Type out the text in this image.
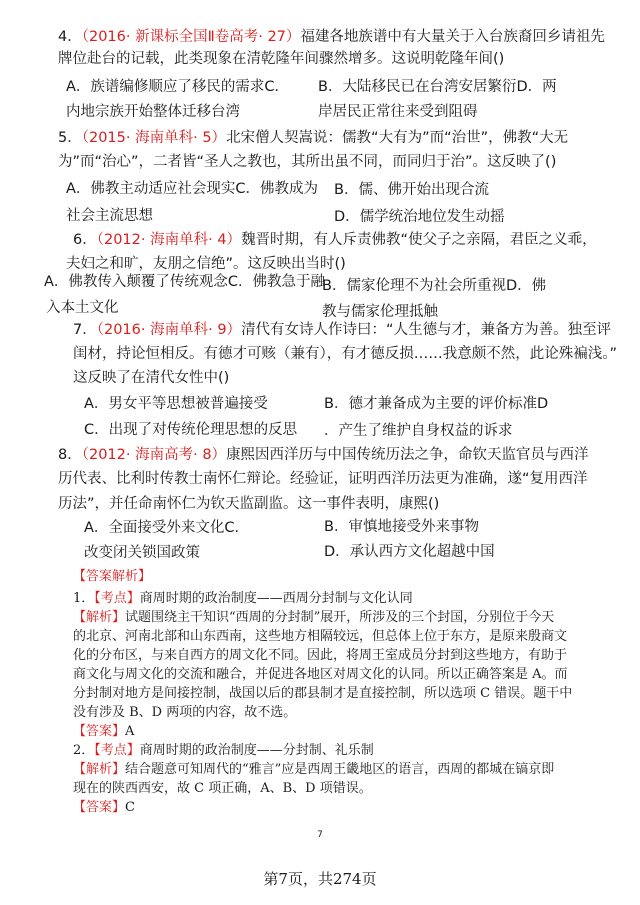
4．（2016· 新课标全国Ⅱ卷高考· 27）福建各地族谱中有大量关于入台族裔回乡请祖先
牌位赴台的记载，此类现象在清乾隆年间骤然增多。这说明乾隆年间()
A．族谱编修顺应了移民的需求C． B．大陆移民已在台湾安居繁衍D．两
内地宗族开始整体迁移台湾	岸居民正常往来受到阻碍
5．（2015· 海南单科· 5）北宋僧人契嵩说：儒教“大有为”而“治世”，佛教“大无
为”而“治心”，二者皆“圣人之教也，其所出虽不同，而同归于治”。这反映了()
A．佛教主动适应社会现实C．佛教成为 B．儒、佛开始出现合流
社会主流思想	D．儒学统治地位发生动摇
6．（2012· 海南单科· 4）魏晋时期，有人斥责佛教“使父子之亲隔，君臣之义乖，
夫妇之和旷，友朋之信绝”。这反映出当时()
A．佛教传入颠覆了传统观念C．佛教急于融
B．儒家伦理不为社会所重视D．佛
入本土文化	教与儒家伦理抵触
7．（2016· 海南单科· 9）清代有女诗人作诗曰：“人生德与才，兼备方为善。独至评
闺材，持论恒相反。有德才可赅（兼有），有才德反损……我意颇不然，此论殊褊浅。”
这反映了在清代女性中()
A．男女平等思想被普遍接受	B．德才兼备成为主要的评价标准D
C．出现了对传统伦理思想的反思 ．产生了维护自身权益的诉求
8．（2012· 海南高考· 8）康熙因西洋历与中国传统历法之争，命钦天监官员与西洋
历代表、比利时传教士南怀仁辩论。经验证，证明西洋历法更为准确，遂“复用西洋
历法”，并任命南怀仁为钦天监副监。这一事件表明，康熙()
A．全面接受外来文化C．	B．审慎地接受外来事物
改变闭关锁国政策	D．承认西方文化超越中国
【答案解析】
1．【考点】商周时期的政治制度——西周分封制与文化认同
【解析】试题围绕主干知识“西周的分封制”展开，所涉及的三个封国，分别位于今天
的北京、河南北部和山东西南，这些地方相隔较远，但总体上位于东方，是原来殷商文
化的分布区，与来自西方的周文化不同。因此，将周王室成员分封到这些地方，有助于
商文化与周文化的交流和融合，并促进各地区对周文化的认同。所以正确答案是 A。而
分封制对地方是间接控制，战国以后的郡县制才是直接控制，所以选项 C 错误。题干中
没有涉及 B、D 两项的内容，故不选。
【答案】A
2．【考点】商周时期的政治制度——分封制、礼乐制
【解析】结合题意可知周代的“雅言”应是西周王畿地区的语言，西周的都城在镐京即
现在的陕西西安，故 C 项正确，A、B、D 项错误。
【答案】C
7
第7页，共274页
